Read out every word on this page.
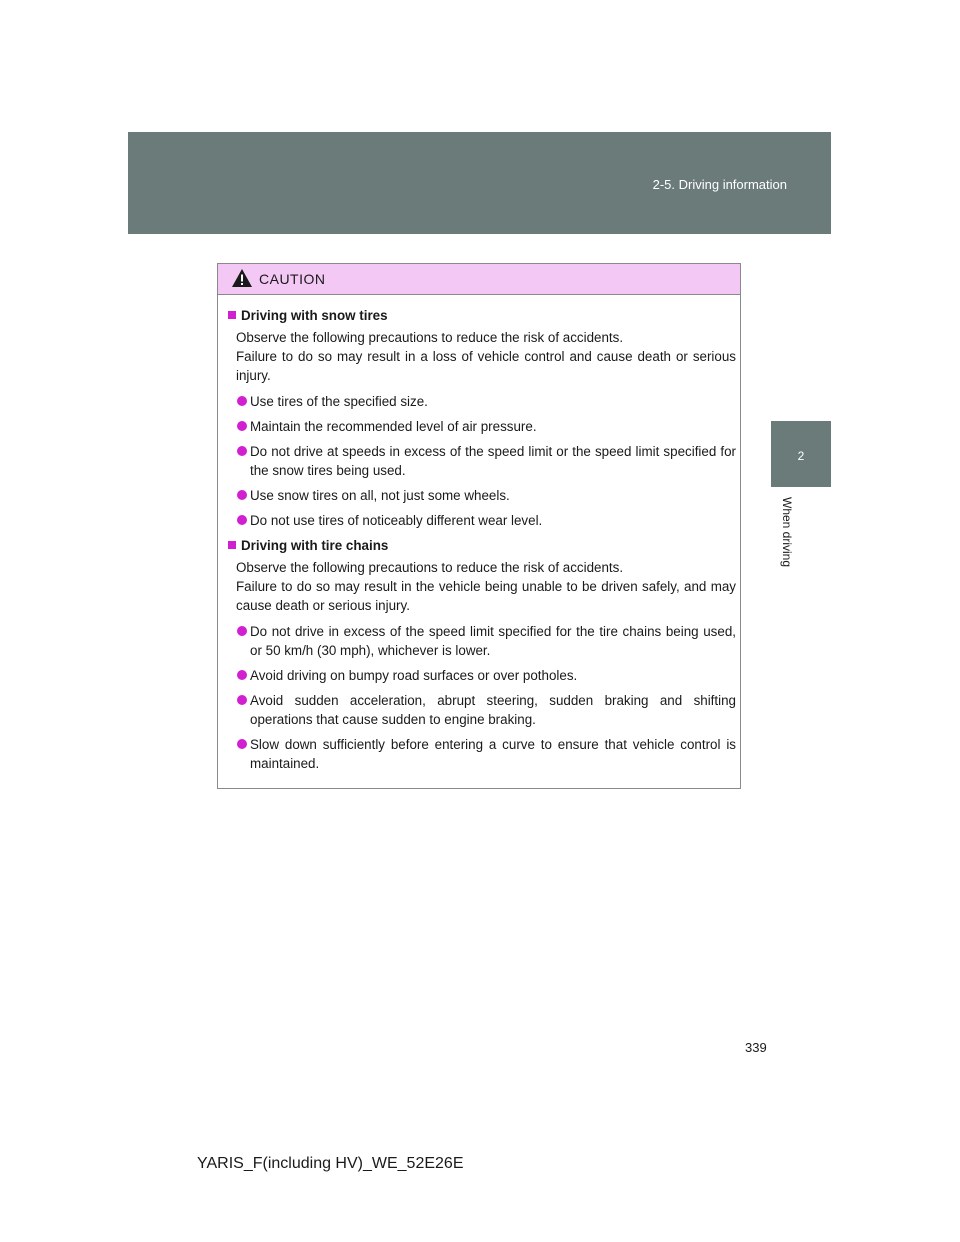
2-5. Driving information
2
When driving
CAUTION
Driving with snow tires
Observe the following precautions to reduce the risk of accidents.
Failure to do so may result in a loss of vehicle control and cause death or serious injury.
Use tires of the specified size.
Maintain the recommended level of air pressure.
Do not drive at speeds in excess of the speed limit or the speed limit specified for the snow tires being used.
Use snow tires on all, not just some wheels.
Do not use tires of noticeably different wear level.
Driving with tire chains
Observe the following precautions to reduce the risk of accidents.
Failure to do so may result in the vehicle being unable to be driven safely, and may cause death or serious injury.
Do not drive in excess of the speed limit specified for the tire chains being used, or 50 km/h (30 mph), whichever is lower.
Avoid driving on bumpy road surfaces or over potholes.
Avoid sudden acceleration, abrupt steering, sudden braking and shifting operations that cause sudden to engine braking.
Slow down sufficiently before entering a curve to ensure that vehicle control is maintained.
339
YARIS_F(including HV)_WE_52E26E
